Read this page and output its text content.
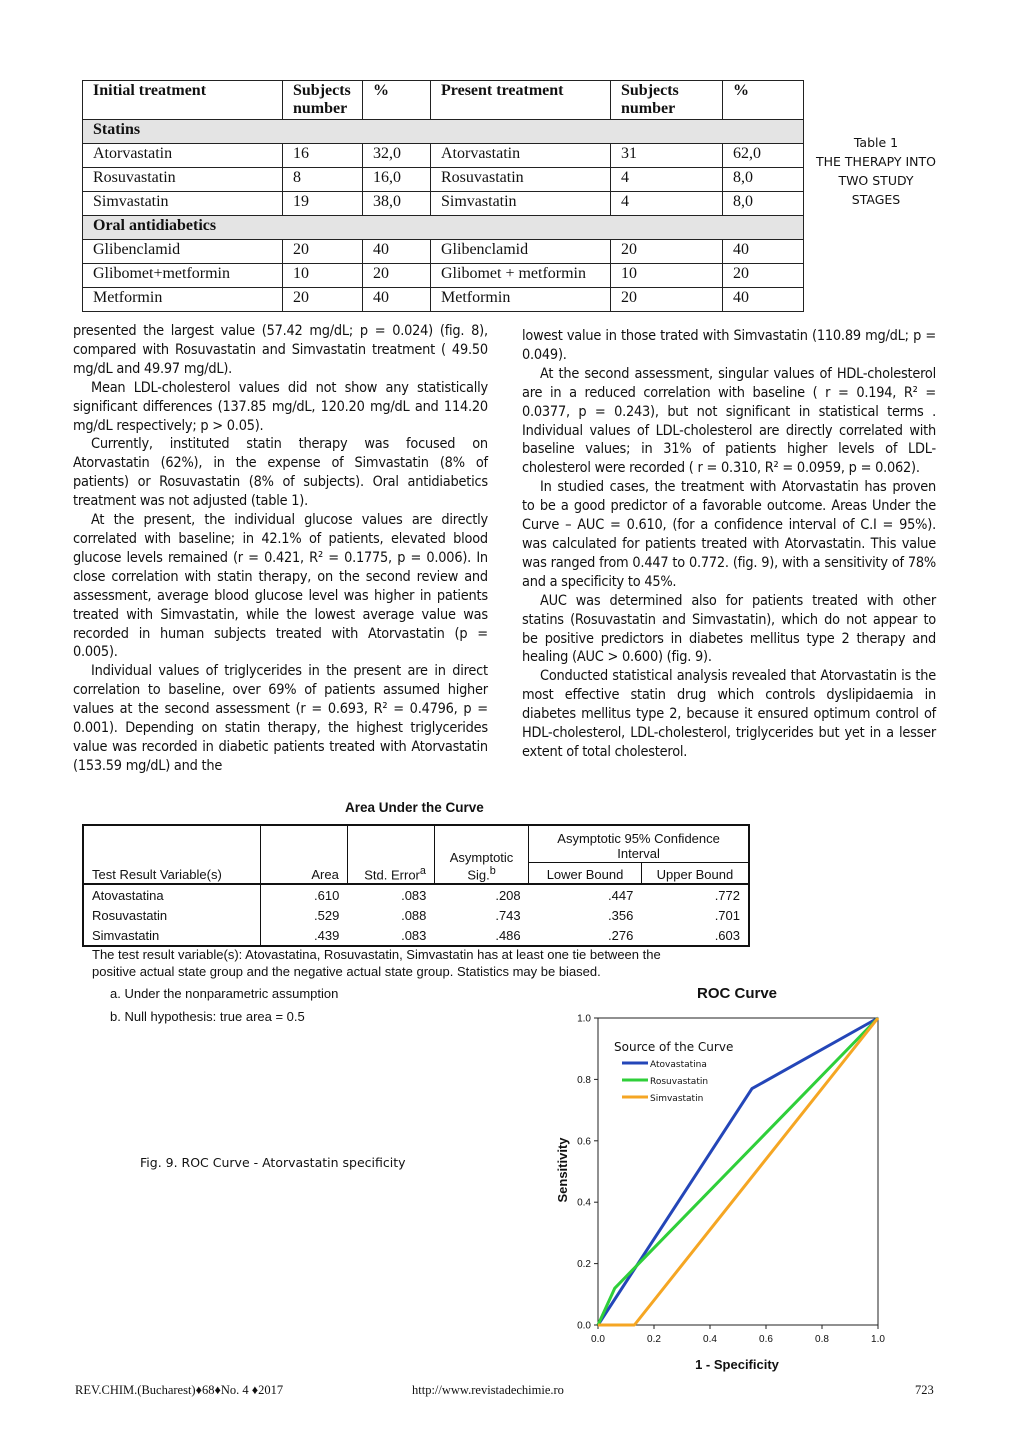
Initial treatment	Subjects number	%	Present treatment	Subjects number	%
Statins					
Atorvastatin	16	32,0	Atorvastatin	31	62,0
Rosuvastatin	8	16,0	Rosuvastatin	4	8,0
Simvastatin	19	38,0	Simvastatin	4	8,0
Oral antidiabetics					
Glibenclamid	20	40	Glibenclamid	20	40
Glibomet+metformin	10	20	Glibomet + metformin	10	20
Metformin	20	40	Metformin	20	40
Table 1
THE THERAPY INTO
TWO STUDY
STAGES

presented the largest value (57.42 mg/dL; p = 0.024) (fig. 8), compared with Rosuvastatin and Simvastatin treatment ( 49.50 mg/dL and 49.97 mg/dL).

Mean LDL-cholesterol values did not show any statistically significant differences (137.85 mg/dL, 120.20 mg/dL and 114.20 mg/dL respectively; p > 0.05).

Currently, instituted statin therapy was focused on Atorvastatin (62%), in the expense of Simvastatin (8% of patients) or Rosuvastatin (8% of subjects). Oral antidiabetics treatment was not adjusted (table 1).

At the present, the individual glucose values are directly correlated with baseline; in 42.1% of patients, elevated blood glucose levels remained (r = 0.421, R² = 0.1775, p = 0.006). In close correlation with statin therapy, on the second review and assessment, average blood glucose level was higher in patients treated with Simvastatin, while the lowest average value was recorded in human subjects treated with Atorvastatin (p = 0.005).

Individual values of triglycerides in the present are in direct correlation to baseline, over 69% of patients assumed higher values at the second assessment (r = 0.693, R² = 0.4796, p = 0.001). Depending on statin therapy, the highest triglycerides value was recorded in diabetic patients treated with Atorvastatin (153.59 mg/dL) and the

lowest value in those trated with Simvastatin (110.89 mg/dL; p = 0.049).

At the second assessment, singular values of HDL-cholesterol are in a reduced correlation with baseline ( r = 0.194, R² = 0.0377, p = 0.243), but not significant in statistical terms . Individual values of LDL-cholesterol are directly correlated with baseline values; in 31% of patients higher levels of LDL-cholesterol were recorded ( r = 0.310, R² = 0.0959, p = 0.062).

In studied cases, the treatment with Atorvastatin has proven to be a good predictor of a favorable outcome. Areas Under the Curve – AUC = 0.610, (for a confidence interval of C.I = 95%). was calculated for patients treated with Atorvastatin. This value was ranged from 0.447 to 0.772. (fig. 9), with a sensitivity of 78% and a specificity to 45%.

AUC was determined also for patients treated with other statins (Rosuvastatin and Simvastatin), which do not appear to be positive predictors in diabetes mellitus type 2 therapy and healing (AUC > 0.600) (fig. 9).

Conducted statistical analysis revealed that Atorvastatin is the most effective statin drug which controls dyslipidaemia in diabetes mellitus type 2, because it ensured optimum control of HDL-cholesterol, LDL-cholesterol, triglycerides but yet in a lesser extent of total cholesterol.

Area Under the Curve
Test Result Variable(s)	Area	Std. Error$^a$	Asymptotic Sig.$^b$	Asymptotic 95% Confidence Interval	
				Lower Bound	Upper Bound
Atovastatina	.610	.083	.208	.447	.772
Rosuvastatin	.529	.088	.743	.356	.701
Simvastatin	.439	.083	.486	.276	.603
The test result variable(s): Atovastatina, Rosuvastatin, Simvastatin has at least one tie between the
positive actual state group and the negative actual state group. Statistics may be biased.
a. Under the nonparametric assumption
b. Null hypothesis: true area = 0.5
Fig. 9. ROC Curve - Atorvastatin specificity
ROC Curve
0.0
0.0
0.2
0.2
0.4
0.4
0.6
0.6
0.8
0.8
1.0
1.0
Source of the Curve
Atovastatina
Rosuvastatin
Simvastatin
1 - Specificity
Sensitivity
REV.CHIM.(Bucharest)♦68♦No. 4 ♦2017	http://www.revistadechimie.ro	723
